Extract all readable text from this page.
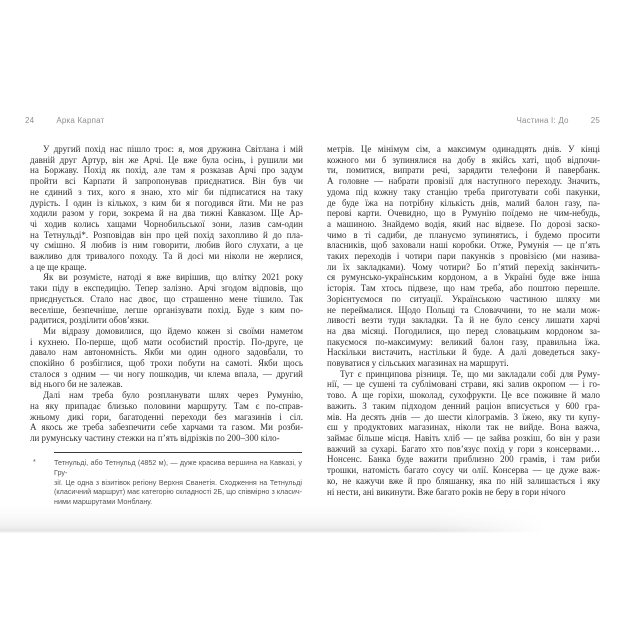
24	Арка Карпат	Частина І: До	25
У другий похід нас пішло троє: я, моя дружина Світлана і мій
давній друг Артур, він же Арчі. Це вже була осінь, і рушили ми
на Боржаву. Похід як похід, але там я розказав Арчі про задум
пройти всі Карпати й запропонував приєднатися. Він був чи
не єдиний з тих, кого я знаю, хто міг би підписатися на таку
дурість. І один із кількох, з ким би я погодився йти. Ми не раз
ходили разом у гори, зокрема й на два тижні Кавказом. Ще Ар-
чі ходив колись хащами Чорнобильської зони, лазив сам-один
на Тетнульді*. Розповідав він про цей похід захопливо й до пла-
чу смішно. Я любив із ним говорити, любив його слухати, а це
важливо для тривалого походу. Та й досі ми ніколи не жерлися,
а це ще краще.
Як ви розумієте, натоді я вже вирішив, що влітку 2021 року
таки піду в експедицію. Тепер залізно. Арчі згодом відповів, що
приєднується. Стало нас двоє, що страшенно мене тішило. Так
веселіше, безпечніше, легше організувати похід. Буде з ким по-
радитися, розділити обов’язки.
Ми відразу домовилися, що йдемо кожен зі своїми наметом
і кухнею. По-перше, щоб мати особистий простір. По-друге, це
давало нам автономність. Якби ми один одного задовбали, то
спокійно б розбіглися, щоб трохи побути на самоті. Якби щось
сталося з одним — чи ногу пошкодив, чи клема впала, — другий
від нього би не залежав.
Далі нам треба було розпланувати шлях через Румунію,
на яку припадає близько половини маршруту. Там є по-справ-
жньому дикі гори, багатоденні переходи без магазинів і сіл.
А якось же треба забезпечити себе харчами та газом. Ми розби-
ли румунську частину стежки на п’ять відрізків по 200–300 кіло-
метрів. Це мінімум сім, а максимум одинадцять днів. У кінці
кожного ми б зупинялися на добу в якійсь хаті, щоб відпочи-
ти, помитися, випрати речі, зарядити телефони й павербанк.
А головне — набрати провізії для наступного переходу. Значить,
удома під кожну таку станцію треба приготувати собі пакунки,
де буде їжа на потрібну кількість днів, малий балон газу, па-
перові карти. Очевидно, що в Румунію поїдемо не чим-небудь,
а машиною. Знайдемо водія, який нас відвезе. По дорозі заско-
чимо в ті садиби, де плануємо зупинятись, і будемо просити
власників, щоб заховали наші коробки. Отже, Румунія — це п’ять
таких переходів і чотири пари пакунків з провізією (ми назива-
ли їх закладками). Чому чотири? Бо п’ятий перехід закінчить-
ся румунсько-українським кордоном, а в Україні буде вже інша
історія. Там хтось підвезе, що нам треба, або поштою перешле.
Зорієнтуємося по ситуації. Українською частиною шляху ми
не переймалися. Щодо Польщі та Словаччини, то не мали мож-
ливості везти туди закладки. Та й не було сенсу лишати харчі
на два місяці. Погодилися, що перед словацьким кордоном за-
пакуємося по-максимуму: великий балон газу, правильна їжа.
Наскільки вистачить, настільки й буде. А далі доведеться заку-
повуватися у сільських магазинах на маршруті.
Тут є принципова різниця. Те, що ми закладали собі для Руму-
нії, — це сушені та сублімовані страви, які залив окропом — і го-
тово. А ще горіхи, шоколад, сухофрукти. Це все поживне й мало
важить. З таким підходом денний раціон вписується у 600 гра-
мів. На десять днів — до шести кілограмів. З їжею, яку ти купу-
єш у продуктових магазинах, ніколи так не вийде. Вона важча,
займає більше місця. Навіть хліб — це зайва розкіш, бо він у рази
важчий за сухарі. Багато хто пов’язує похід у гори з консервами…
Нонсенс. Банка буде важити приблизно 200 грамів, і там риби
трошки, натомість багато соусу чи олії. Консерва — це дуже важ-
ко, не кажучи вже й про бляшанку, яка по ній залишається і яку
ні нести, ані викинути. Вже багато років не беру в гори нічого
*	Тетнульді, або Тетнульд (4852 м), — дуже красива вершина на Кавказі, у Гру-
зії. Це одна з візитівок регіону Верхня Сванетія. Сходження на Тетнульді
(класичний маршрут) має категорію складності 2Б, що співмірно з класич-
ними маршрутами Монблану.
